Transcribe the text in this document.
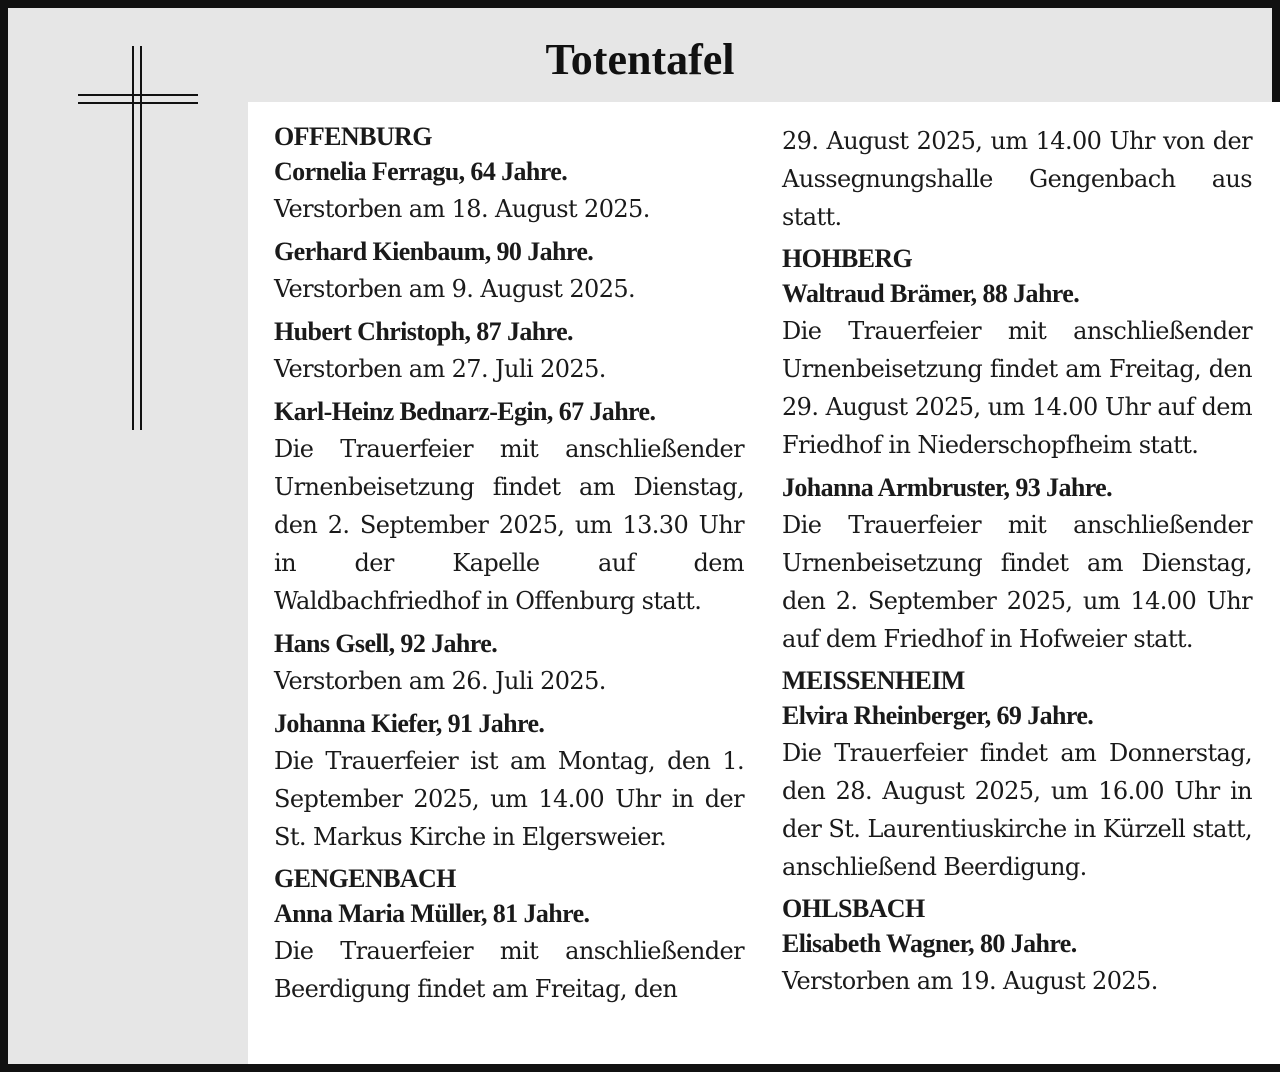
Totentafel
OFFENBURG
Cornelia Ferragu, 64 Jahre.

Verstorben am 18. August 2025.

Gerhard Kienbaum, 90 Jahre.

Verstorben am 9. August 2025.

Hubert Christoph, 87 Jahre.

Verstorben am 27. Juli 2025.

Karl-Heinz Bednarz-Egin, 67 Jahre.

Die Trauerfeier mit anschließender Urnenbeisetzung findet am Dienstag, den 2. September 2025, um 13.30 Uhr in der Kapelle auf dem Waldbachfriedhof in Offenburg statt.

Hans Gsell, 92 Jahre.

Verstorben am 26. Juli 2025.

Johanna Kiefer, 91 Jahre.

Die Trauerfeier ist am Montag, den 1. September 2025, um 14.00 Uhr in der St. Markus Kirche in Elgersweier.

GENGENBACH
Anna Maria Müller, 81 Jahre.

Die Trauerfeier mit anschließender Beerdigung findet am Freitag, den

29. August 2025, um 14.00 Uhr von der Aussegnungshalle Gengenbach aus statt.

HOHBERG
Waltraud Brämer, 88 Jahre.

Die Trauerfeier mit anschließender Urnenbeisetzung findet am Freitag, den 29. August 2025, um 14.00 Uhr auf dem Friedhof in Niederschopfheim statt.

Johanna Armbruster, 93 Jahre.

Die Trauerfeier mit anschließender Urnenbeisetzung findet am Dienstag, den 2. September 2025, um 14.00 Uhr auf dem Friedhof in Hofweier statt.

MEISSENHEIM
Elvira Rheinberger, 69 Jahre.

Die Trauerfeier findet am Donnerstag, den 28. August 2025, um 16.00 Uhr in der St. Laurentiuskirche in Kürzell statt, anschließend Beerdigung.

OHLSBACH
Elisabeth Wagner, 80 Jahre.

Verstorben am 19. August 2025.
